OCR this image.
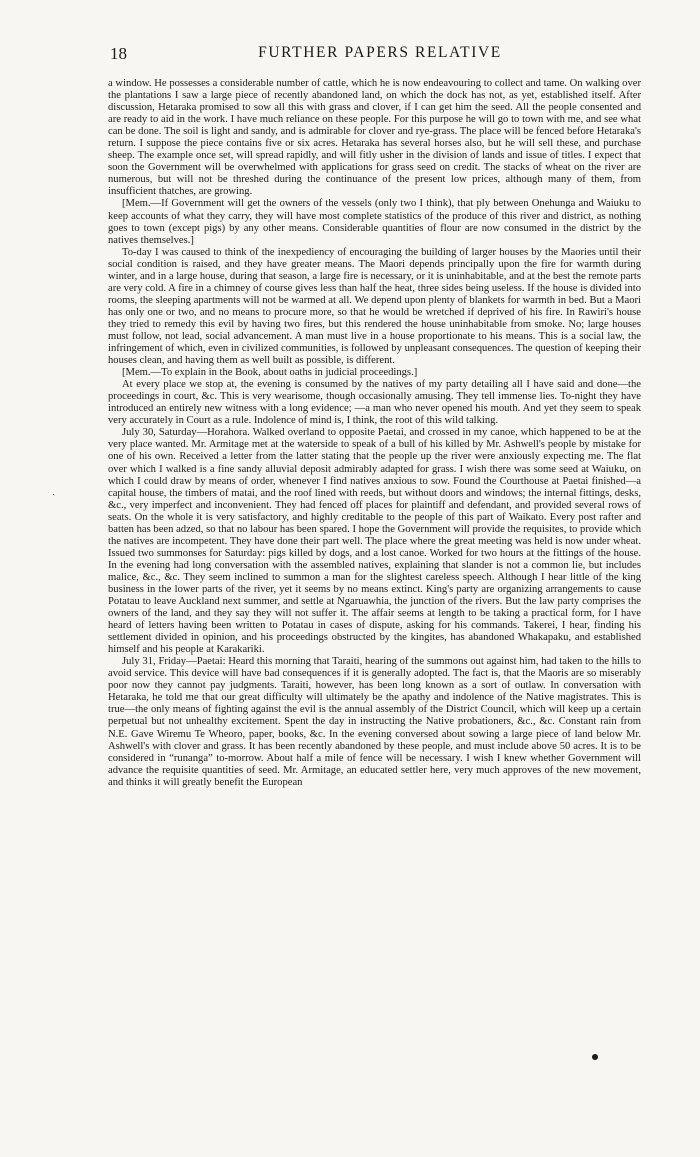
18	FURTHER PAPERS RELATIVE

a window. He possesses a considerable number of cattle, which he is now endeavouring to collect and tame. On walking over the plantations I saw a large piece of recently abandoned land, on which the dock has not, as yet, established itself. After discussion, Hetaraka promised to sow all this with grass and clover, if I can get him the seed. All the people consented and are ready to aid in the work. I have much reliance on these people. For this purpose he will go to town with me, and see what can be done. The soil is light and sandy, and is admirable for clover and rye-grass. The place will be fenced before Hetaraka's return. I suppose the piece contains five or six acres. Hetaraka has several horses also, but he will sell these, and purchase sheep. The example once set, will spread rapidly, and will fitly usher in the division of lands and issue of titles. I expect that soon the Government will be overwhelmed with applications for grass seed on credit. The stacks of wheat on the river are numerous, but will not be threshed during the continuance of the present low prices, although many of them, from insufficient thatches, are growing.

[Mem.—If Government will get the owners of the vessels (only two I think), that ply between Onehunga and Waiuku to keep accounts of what they carry, they will have most complete statistics of the produce of this river and district, as nothing goes to town (except pigs) by any other means. Considerable quantities of flour are now consumed in the district by the natives themselves.]

To-day I was caused to think of the inexpediency of encouraging the building of larger houses by the Maories until their social condition is raised, and they have greater means. The Maori depends principally upon the fire for warmth during winter, and in a large house, during that season, a large fire is necessary, or it is uninhabitable, and at the best the remote parts are very cold. A fire in a chimney of course gives less than half the heat, three sides being useless. If the house is divided into rooms, the sleeping apartments will not be warmed at all. We depend upon plenty of blankets for warmth in bed. But a Maori has only one or two, and no means to procure more, so that he would be wretched if deprived of his fire. In Rawiri's house they tried to remedy this evil by having two fires, but this rendered the house uninhabitable from smoke. No; large houses must follow, not lead, social advancement. A man must live in a house proportionate to his means. This is a social law, the infringement of which, even in civilized communities, is followed by unpleasant consequences. The question of keeping their houses clean, and having them as well built as possible, is different.

[Mem.—To explain in the Book, about oaths in judicial proceedings.]

At every place we stop at, the evening is consumed by the natives of my party detailing all I have said and done—the proceedings in court, &c. This is very wearisome, though occasionally amusing. They tell immense lies. To-night they have introduced an entirely new witness with a long evidence; —a man who never opened his mouth. And yet they seem to speak very accurately in Court as a rule. Indolence of mind is, I think, the root of this wild talking.

July 30, Saturday—Horahora. Walked overland to opposite Paetai, and crossed in my canoe, which happened to be at the very place wanted. Mr. Armitage met at the waterside to speak of a bull of his killed by Mr. Ashwell's people by mistake for one of his own. Received a letter from the latter stating that the people up the river were anxiously expecting me. The flat over which I walked is a fine sandy alluvial deposit admirably adapted for grass. I wish there was some seed at Waiuku, on which I could draw by means of order, whenever I find natives anxious to sow. Found the Courthouse at Paetai finished—a capital house, the timbers of matai, and the roof lined with reeds, but without doors and windows; the internal fittings, desks, &c., very imperfect and inconvenient. They had fenced off places for plaintiff and defendant, and provided several rows of seats. On the whole it is very satisfactory, and highly creditable to the people of this part of Waikato. Every post rafter and batten has been adzed, so that no labour has been spared. I hope the Government will provide the requisites, to provide which the natives are incompetent. They have done their part well. The place where the great meeting was held is now under wheat. Issued two summonses for Saturday: pigs killed by dogs, and a lost canoe. Worked for two hours at the fittings of the house. In the evening had long conversation with the assembled natives, explaining that slander is not a common lie, but includes malice, &c., &c. They seem inclined to summon a man for the slightest careless speech. Although I hear little of the king business in the lower parts of the river, yet it seems by no means extinct. King's party are organizing arrangements to cause Potatau to leave Auckland next summer, and settle at Ngaruawhia, the junction of the rivers. But the law party comprises the owners of the land, and they say they will not suffer it. The affair seems at length to be taking a practical form, for I have heard of letters having been written to Potatau in cases of dispute, asking for his commands. Takerei, I hear, finding his settlement divided in opinion, and his proceedings obstructed by the kingites, has abandoned Whakapaku, and established himself and his people at Karakariki.

July 31, Friday—Paetai: Heard this morning that Taraiti, hearing of the summons out against him, had taken to the hills to avoid service. This device will have bad consequences if it is generally adopted. The fact is, that the Maoris are so miserably poor now they cannot pay judgments. Taraiti, however, has been long known as a sort of outlaw. In conversation with Hetaraka, he told me that our great difficulty will ultimately be the apathy and indolence of the Native magistrates. This is true—the only means of fighting against the evil is the annual assembly of the District Council, which will keep up a certain perpetual but not unhealthy excitement. Spent the day in instructing the Native probationers, &c., &c. Constant rain from N.E. Gave Wiremu Te Wheoro, paper, books, &c. In the evening conversed about sowing a large piece of land below Mr. Ashwell's with clover and grass. It has been recently abandoned by these people, and must include above 50 acres. It is to be considered in “runanga” to-morrow. About half a mile of fence will be necessary. I wish I knew whether Government will advance the requisite quantities of seed. Mr. Armitage, an educated settler here, very much approves of the new movement, and thinks it will greatly benefit the European

ˎ
